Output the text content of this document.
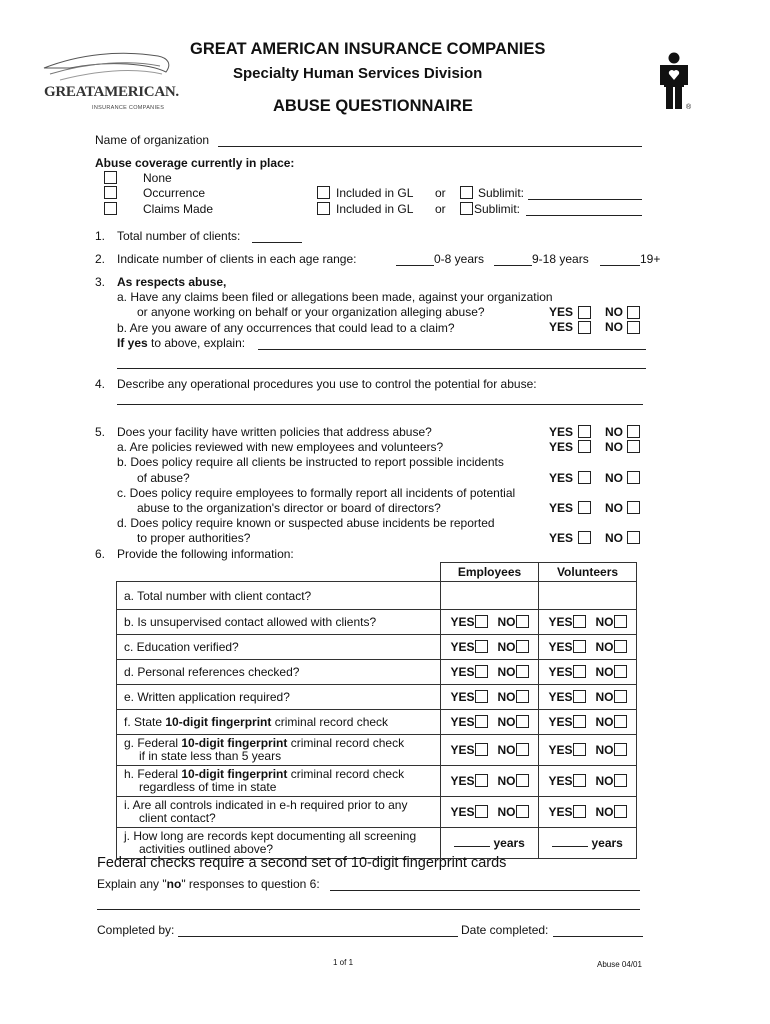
GREATAMERICAN.
INSURANCE COMPANIES
GREAT AMERICAN INSURANCE COMPANIES
Specialty Human Services Division
ABUSE QUESTIONNAIRE	®
Name of organization
Abuse coverage currently in place:
None
Occurrence	Included in GL or	Sublimit:
Claims Made	Included in GL or Sublimit:
1. Total number of clients:
2. Indicate number of clients in each age range:	0-8 years	9-18 years	19+
3. As respects abuse,
a. Have any claims been filed or allegations been made, against your organization
or anyone working on behalf or your organization alleging abuse?	YES	NO
b. Are you aware of any occurrences that could lead to a claim?	YES	NO
If yes to above, explain:
4. Describe any operational procedures you use to control the potential for abuse:
5. Does your facility have written policies that address abuse?	YES	NO
a. Are policies reviewed with new employees and volunteers?	YES	NO
b. Does policy require all clients be instructed to report possible incidents
of abuse?	YES	NO
c. Does policy require employees to formally report all incidents of potential
abuse to the organization's director or board of directors?	YES	NO
d. Does policy require known or suspected abuse incidents be reported
to proper authorities?	YES	NO
6. Provide the following information:
	Employees	Volunteers
a. Total number with client contact?		
b. Is unsupervised contact allowed with clients?	YES NO	YES NO
c. Education verified?	YES NO	YES NO
d. Personal references checked?	YES NO	YES NO
e. Written application required?	YES NO	YES NO
f. State 10-digit fingerprint criminal record check	YES NO	YES NO
g. Federal 10-digit fingerprint criminal record check
if in state less than 5 years	YES NO	YES NO
h. Federal 10-digit fingerprint criminal record check
regardless of time in state	YES NO	YES NO
i. Are all controls indicated in e-h required prior to any
client contact?	YES NO	YES NO
j. How long are records kept documenting all screening
activities outlined above?	years	years
Federal checks require a second set of 10-digit fingerprint cards
Explain any "no" responses to question 6:
Completed by:	Date completed:
1 of 1	Abuse 04/01
